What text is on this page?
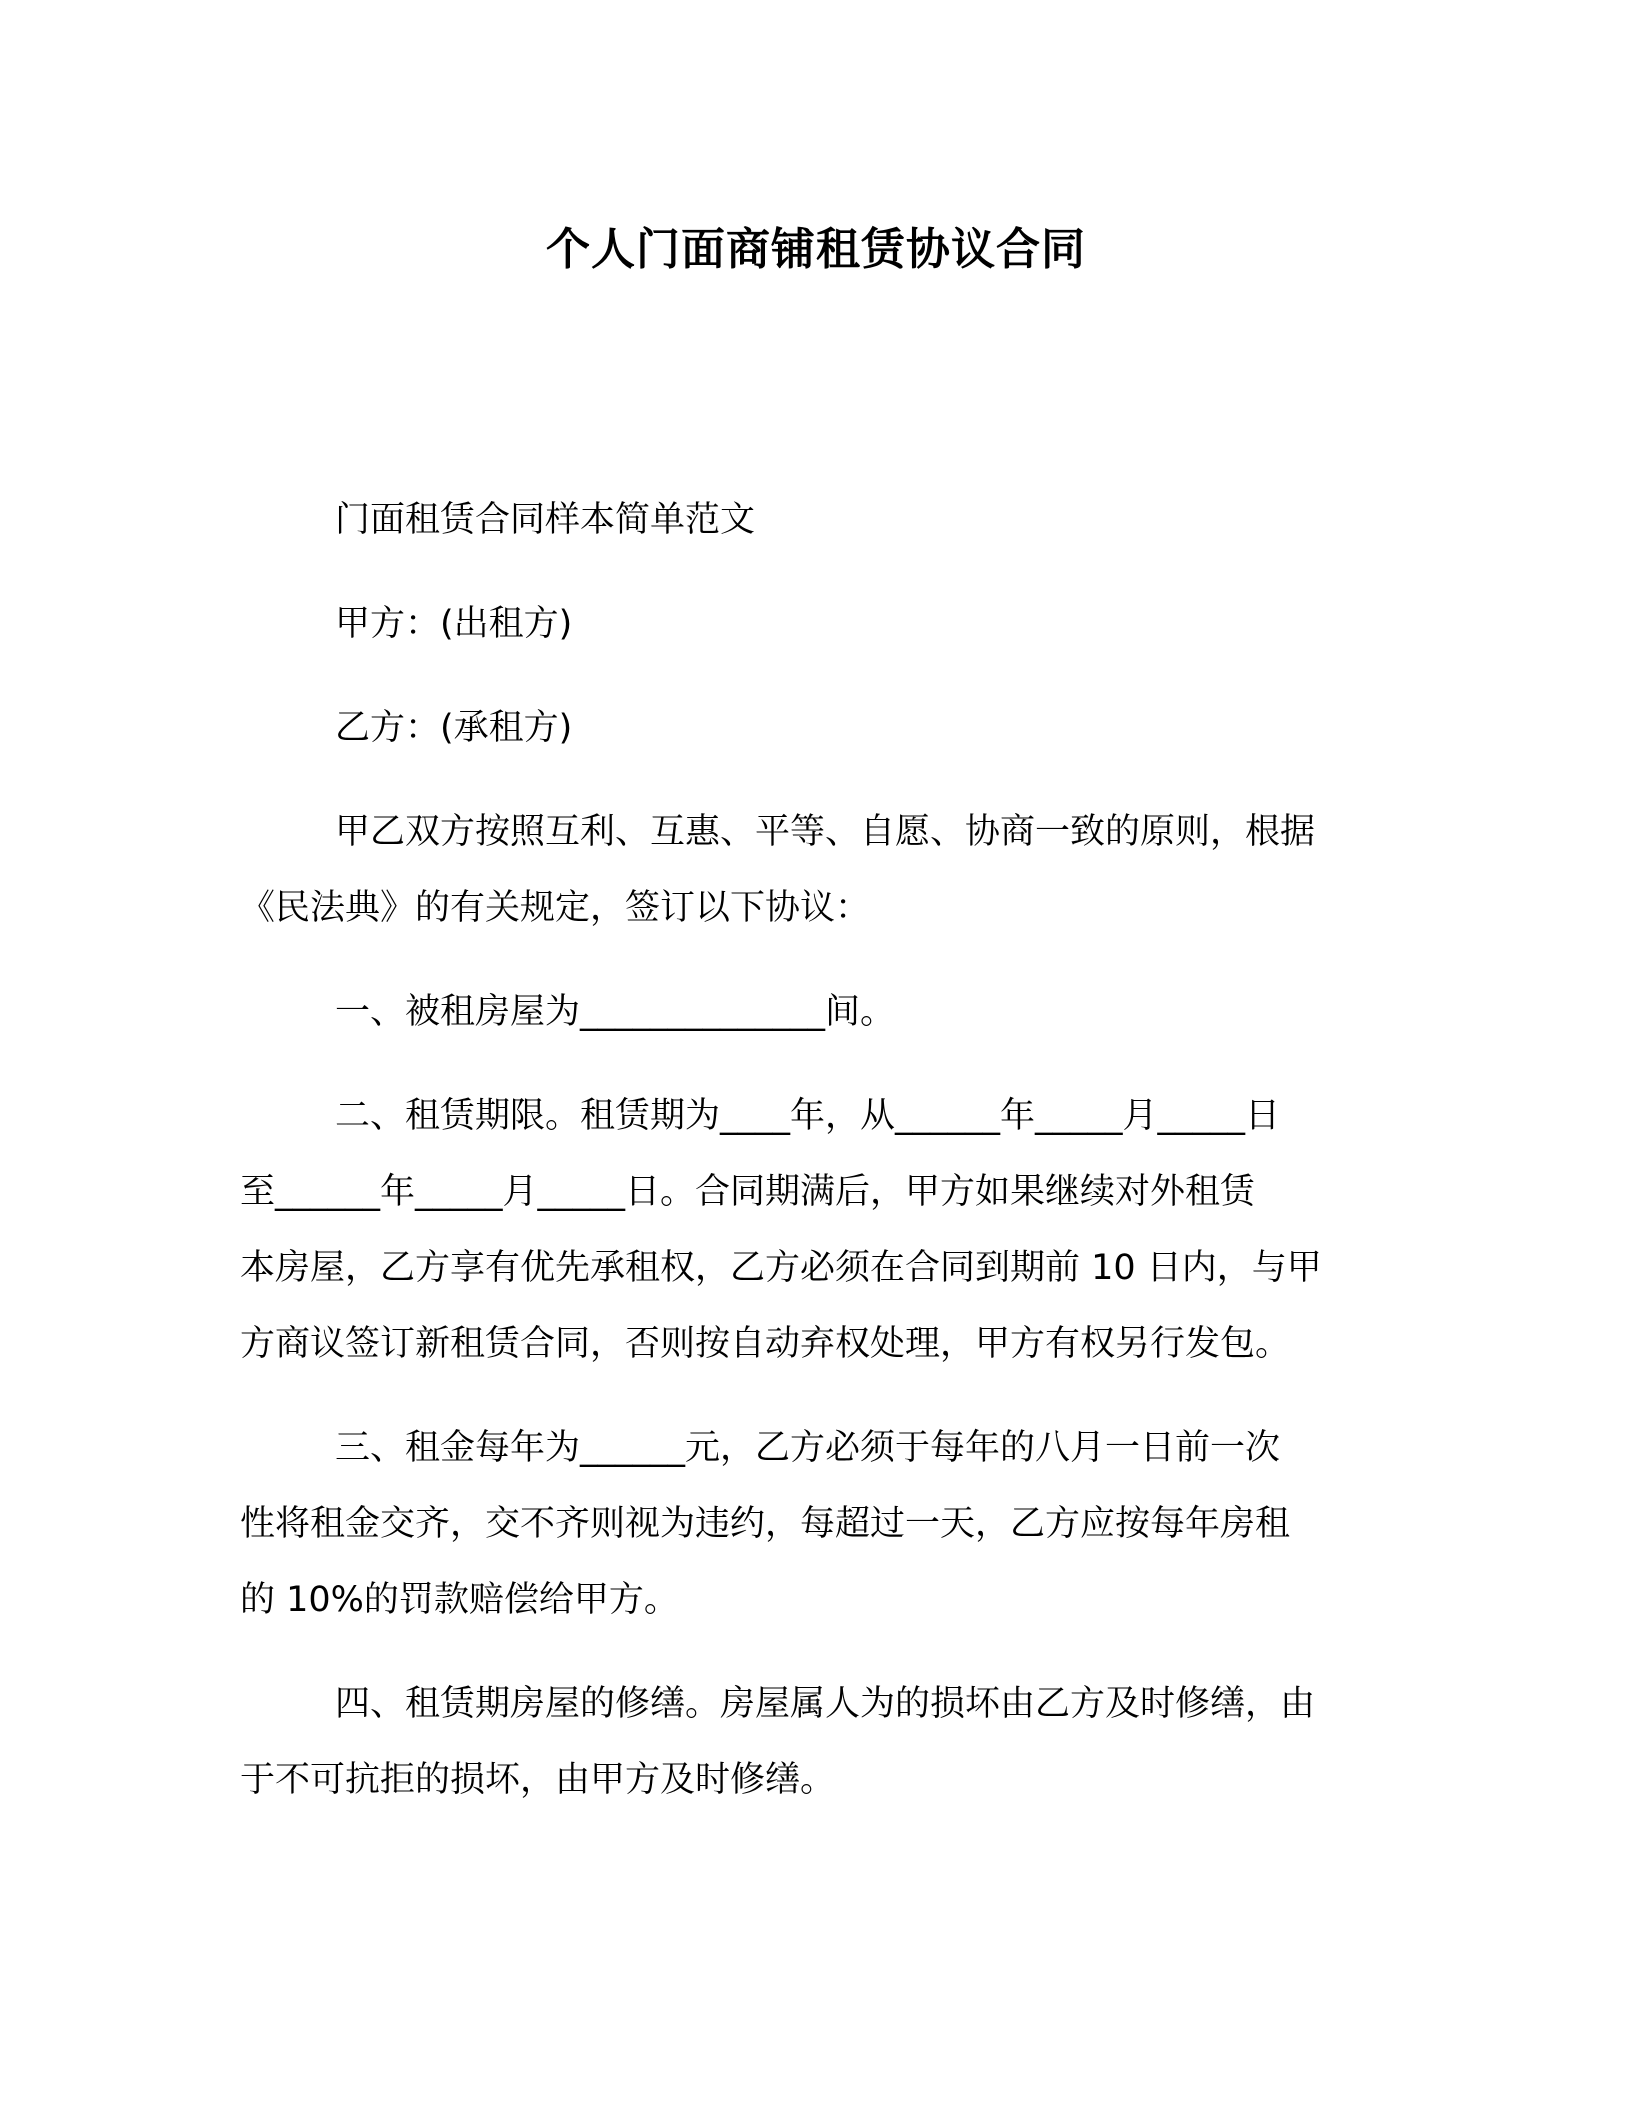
个人门面商铺租赁协议合同
门面租赁合同样本简单范文
甲方：(出租方)
乙方：(承租方)
甲乙双方按照互利、互惠、平等、自愿、协商一致的原则，根据
《民法典》的有关规定，签订以下协议：
一、被租房屋为______________间。
二、租赁期限。租赁期为____年，从______年_____月_____日
至______年_____月_____日。合同期满后，甲方如果继续对外租赁
本房屋，乙方享有优先承租权，乙方必须在合同到期前 10 日内，与甲
方商议签订新租赁合同，否则按自动弃权处理，甲方有权另行发包。
三、租金每年为______元，乙方必须于每年的八月一日前一次
性将租金交齐，交不齐则视为违约，每超过一天，乙方应按每年房租
的 10%的罚款赔偿给甲方。
四、租赁期房屋的修缮。房屋属人为的损坏由乙方及时修缮，由
于不可抗拒的损坏，由甲方及时修缮。
